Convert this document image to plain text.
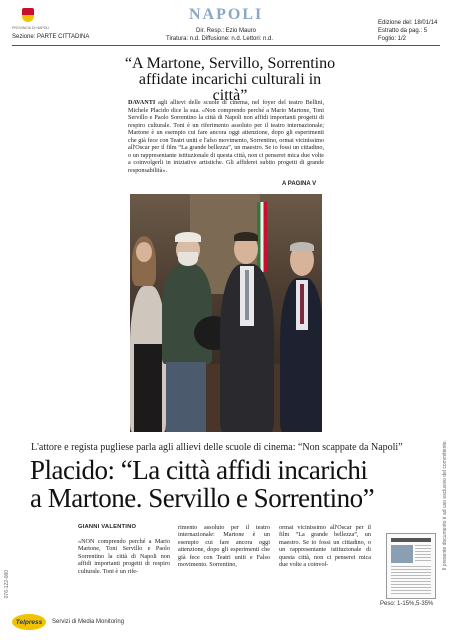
PROVINCIA DI NAPOLI
Sezione: PARTE CITTADINA
NAPOLI
Dir. Resp.: Ezio Mauro
Tiratura: n.d. Diffusione: n.d. Lettori: n.d.
Edizione del: 18/01/14
Estratto da pag.: 5
Foglio: 1/2
“A Martone, Servillo, Sorrentino
affidate incarichi culturali in città”
DAVANTI agli allievi delle scuole di cinema, nel foyer del teatro Bellini, Michele Placido dice la sua. «Non comprendo perché a Mario Martone, Toni Servillo e Paolo Sorrentino la città di Napoli non affidi importanti progetti di respiro culturale. Toni è un riferimento assoluto per il teatro internazionale; Martone è un esempio cui fare ancora oggi attenzione, dopo gli esperimenti che già fece con Teatri uniti e l'afso movimento, Sorrentino, ormai vicinissimo all'Oscar per il film “La grande bellezza”, un maestro. Se io fossi un cittadino, o un rappresentante istituzionale di questa città, non ci penserei mica due volte a coinvolgerli in iniziative artistiche. Gli affiderei subito progetti di grande responsabilità».
A PAGINA V
L'attore e regista pugliese parla agli allievi delle scuole di cinema: “Non scappate da Napoli”
Placido: “La città affidi incarichi
a Martone. Servillo e Sorrentino”
GIANNI VALENTINO
«NON comprendo perché a Mario Martone, Toni Servillo e Paolo Sorrentino la città di Napoli non affidi importanti progetti di respiro culturale. Toni è un rife-
rimento assoluto per il teatro internazionale: Martone è un esempio cui fare ancora oggi attenzione, dopo gli esperimenti che già fece con Teatri uniti e Falso movimento. Sorrentino,
ormai vicinissimo all'Oscar per il film “La grande bellezza”, un maestro. Se io fossi un cittadino, o un rappresentante istituzionale di questa città, non ci penserei mica due volte a coinvol-
Peso: 1-15%,5-35%
076-122-080
Il presente documento è ad uso esclusivo del committente.
Telpress Servizi di Media Monitoring
